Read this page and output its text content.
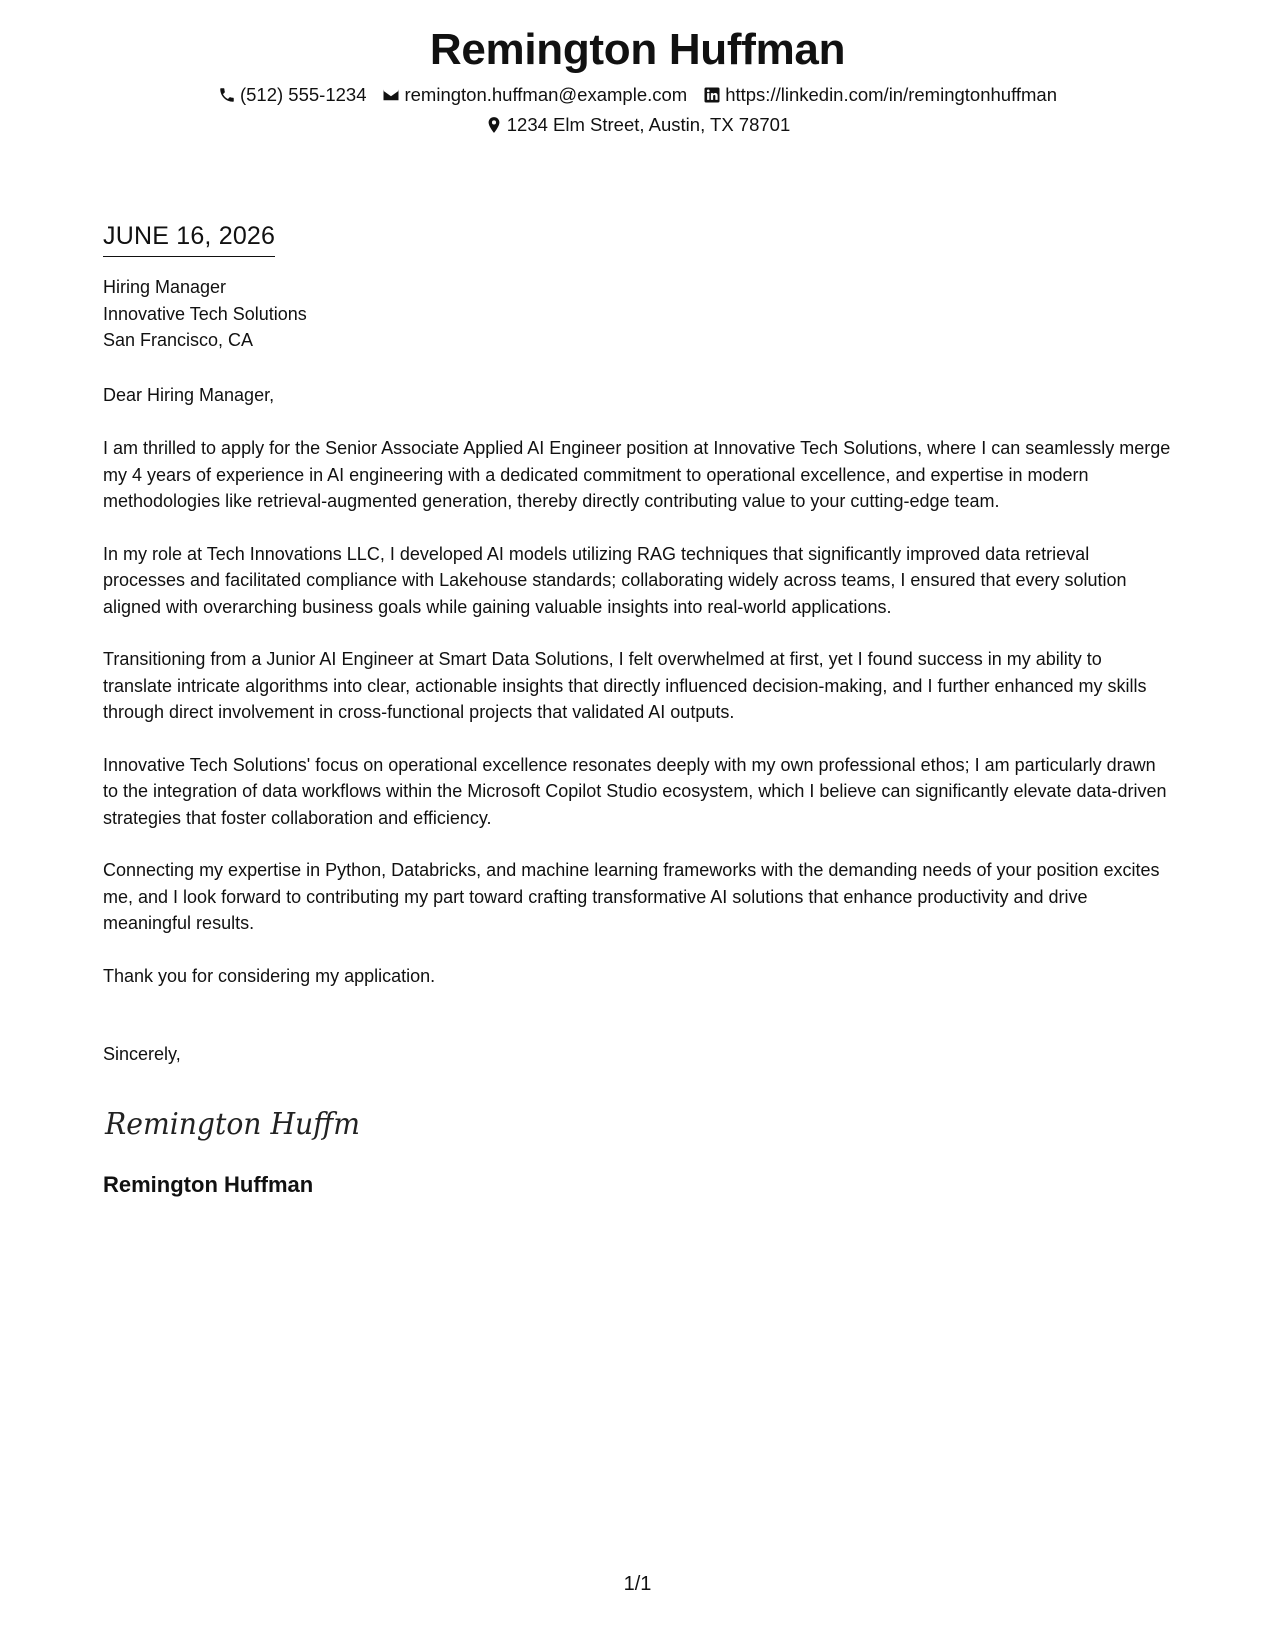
Remington Huffman
(512) 555-1234 remington.huffman@example.com https://linkedin.com/in/remingtonhuffman
1234 Elm Street, Austin, TX 78701
JUNE 16, 2026
Hiring Manager
Innovative Tech Solutions
San Francisco, CA
Dear Hiring Manager,

I am thrilled to apply for the Senior Associate Applied AI Engineer position at Innovative Tech Solutions, where I can seamlessly merge my 4 years of experience in AI engineering with a dedicated commitment to operational excellence, and expertise in modern methodologies like retrieval-augmented generation, thereby directly contributing value to your cutting-edge team.

In my role at Tech Innovations LLC, I developed AI models utilizing RAG techniques that significantly improved data retrieval processes and facilitated compliance with Lakehouse standards; collaborating widely across teams, I ensured that every solution aligned with overarching business goals while gaining valuable insights into real-world applications.

Transitioning from a Junior AI Engineer at Smart Data Solutions, I felt overwhelmed at first, yet I found success in my ability to translate intricate algorithms into clear, actionable insights that directly influenced decision-making, and I further enhanced my skills through direct involvement in cross-functional projects that validated AI outputs.

Innovative Tech Solutions' focus on operational excellence resonates deeply with my own professional ethos; I am particularly drawn to the integration of data workflows within the Microsoft Copilot Studio ecosystem, which I believe can significantly elevate data-driven strategies that foster collaboration and efficiency.

Connecting my expertise in Python, Databricks, and machine learning frameworks with the demanding needs of your position excites me, and I look forward to contributing my part toward crafting transformative AI solutions that enhance productivity and drive meaningful results.

Thank you for considering my application.
Sincerely,
Remington Huffm
Remington Huffman
1/1
